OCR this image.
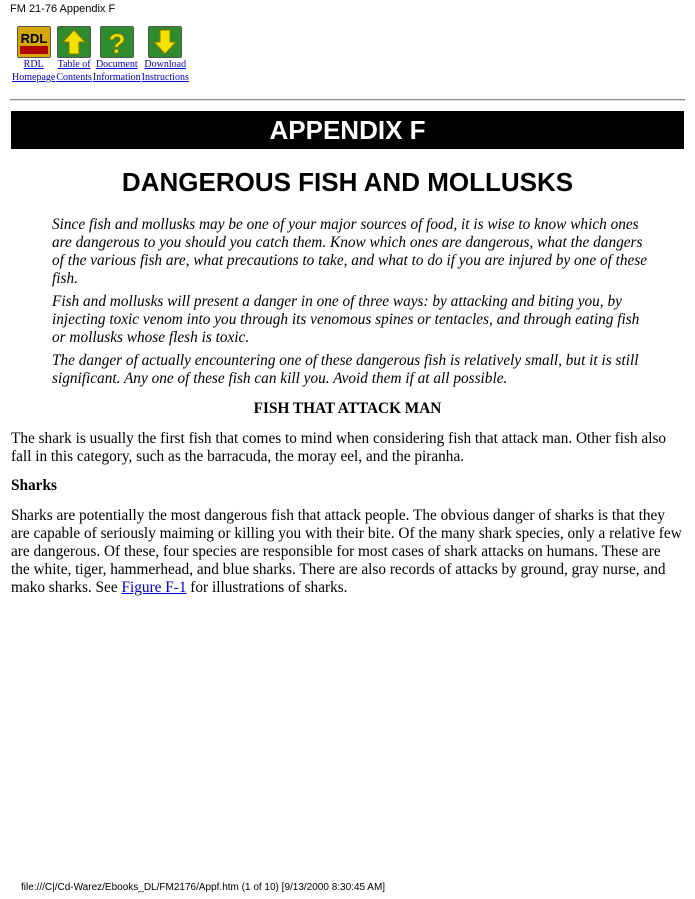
FM 21-76 Appendix F
RDL
RDL
Homepage
Table of
Contents
?
Document
Information
Download
Instructions
APPENDIX F
DANGEROUS FISH AND MOLLUSKS

Since fish and mollusks may be one of your major sources of food, it is wise to know which ones are dangerous to you should you catch them. Know which ones are dangerous, what the dangers of the various fish are, what precautions to take, and what to do if you are injured by one of these fish.

Fish and mollusks will present a danger in one of three ways: by attacking and biting you, by injecting toxic venom into you through its venomous spines or tentacles, and through eating fish or mollusks whose flesh is toxic.

The danger of actually encountering one of these dangerous fish is relatively small, but it is still significant. Any one of these fish can kill you. Avoid them if at all possible.

FISH THAT ATTACK MAN

The shark is usually the first fish that comes to mind when considering fish that attack man. Other fish also fall in this category, such as the barracuda, the moray eel, and the piranha.

Sharks

Sharks are potentially the most dangerous fish that attack people. The obvious danger of sharks is that they are capable of seriously maiming or killing you with their bite. Of the many shark species, only a relative few are dangerous. Of these, four species are responsible for most cases of shark attacks on humans. These are the white, tiger, hammerhead, and blue sharks. There are also records of attacks by ground, gray nurse, and mako sharks. See Figure F-1 for illustrations of sharks.

file:///C|/Cd-Warez/Ebooks_DL/FM2176/Appf.htm (1 of 10) [9/13/2000 8:30:45 AM]
